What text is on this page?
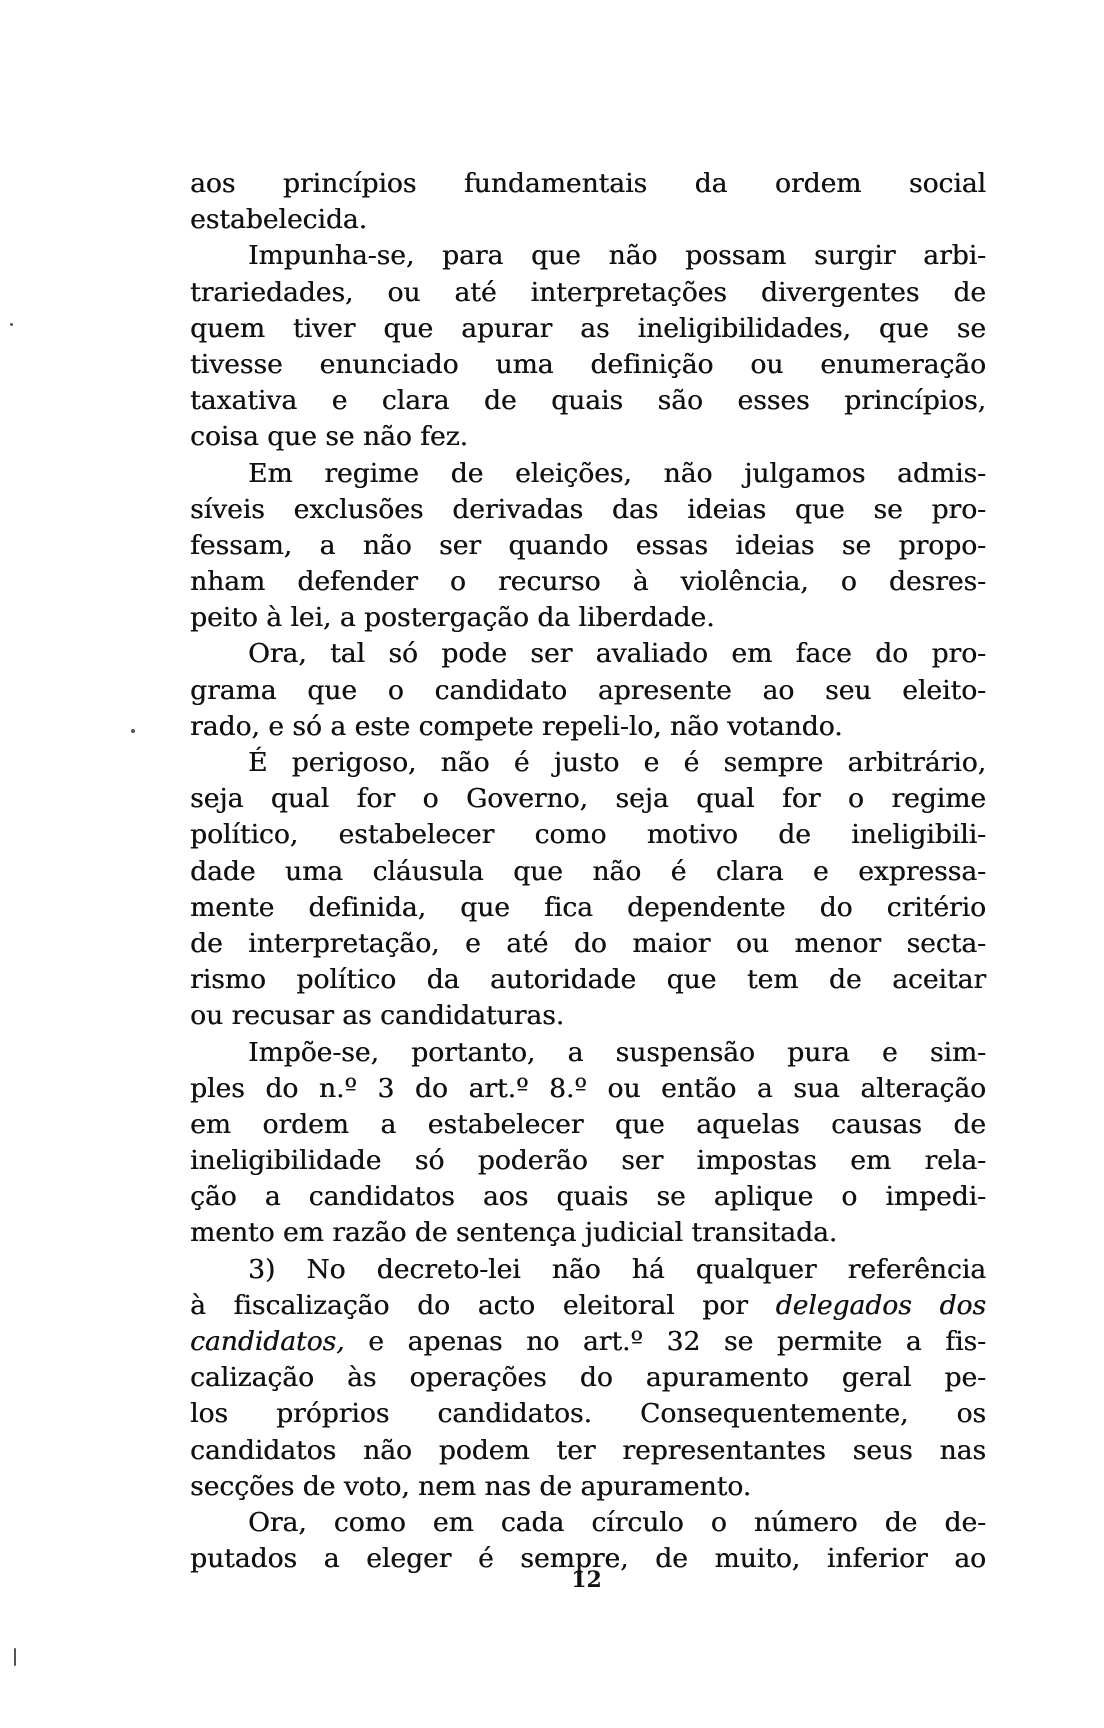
aos princípios fundamentais da ordem social
estabelecida.
Impunha-se, para que não possam surgir arbi-
trariedades, ou até interpretações divergentes de
quem tiver que apurar as ineligibilidades, que se
tivesse enunciado uma definição ou enumeração
taxativa e clara de quais são esses princípios,
coisa que se não fez.
Em regime de eleições, não julgamos admis-
síveis exclusões derivadas das ideias que se pro-
fessam, a não ser quando essas ideias se propo-
nham defender o recurso à violência, o desres-
peito à lei, a postergação da liberdade.
Ora, tal só pode ser avaliado em face do pro-
grama que o candidato apresente ao seu eleito-
rado, e só a este compete repeli-lo, não votando.
É perigoso, não é justo e é sempre arbitrário,
seja qual for o Governo, seja qual for o regime
político, estabelecer como motivo de ineligibili-
dade uma cláusula que não é clara e expressa-
mente definida, que fica dependente do critério
de interpretação, e até do maior ou menor secta-
rismo político da autoridade que tem de aceitar
ou recusar as candidaturas.
Impõe-se, portanto, a suspensão pura e sim-
ples do n.º 3 do art.º 8.º ou então a sua alteração
em ordem a estabelecer que aquelas causas de
ineligibilidade só poderão ser impostas em rela-
ção a candidatos aos quais se aplique o impedi-
mento em razão de sentença judicial transitada.
3) No decreto-lei não há qualquer referência
à fiscalização do acto eleitoral por delegados dos
candidatos, e apenas no art.º 32 se permite a fis-
calização às operações do apuramento geral pe-
los próprios candidatos. Consequentemente, os
candidatos não podem ter representantes seus nas
secções de voto, nem nas de apuramento.
Ora, como em cada círculo o número de de-
putados a eleger é sempre, de muito, inferior ao
12
